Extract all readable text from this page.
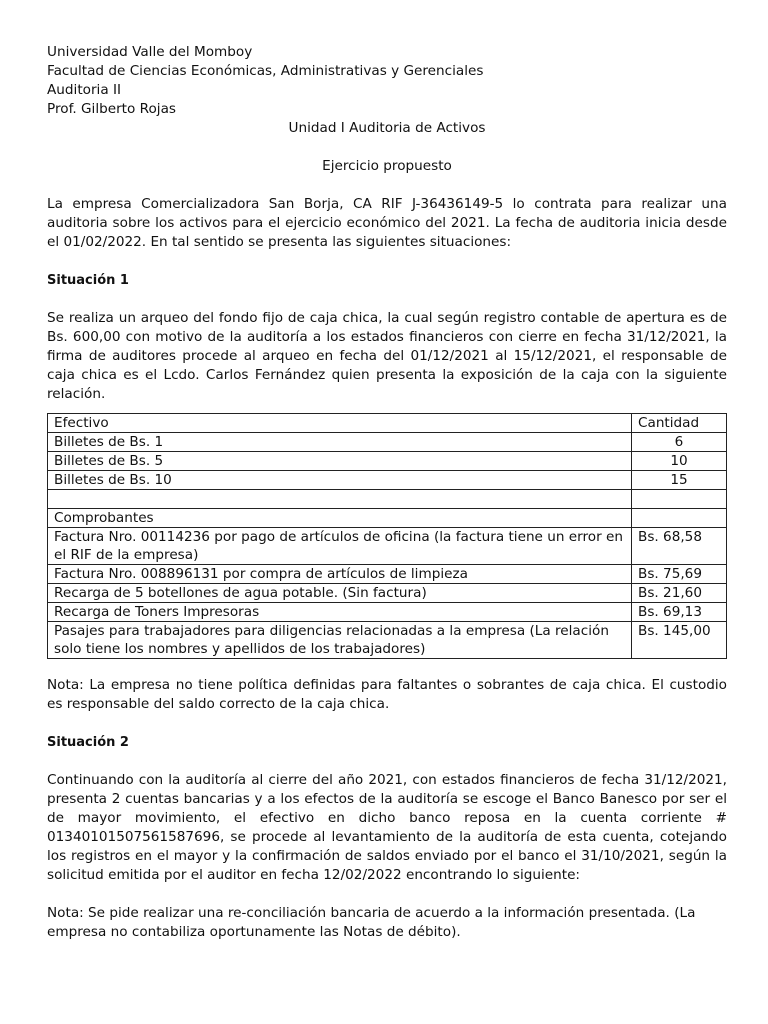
Universidad Valle del Momboy
Facultad de Ciencias Económicas, Administrativas y Gerenciales
Auditoria II
Prof. Gilberto Rojas
Unidad I Auditoria de Activos
Ejercicio propuesto

La empresa Comercializadora San Borja, CA RIF J-36436149-5 lo contrata para realizar una auditoria sobre los activos para el ejercicio económico del 2021. La fecha de auditoria inicia desde el 01/02/2022. En tal sentido se presenta las siguientes situaciones:

Situación 1

Se realiza un arqueo del fondo fijo de caja chica, la cual según registro contable de apertura es de Bs. 600,00 con motivo de la auditoría a los estados financieros con cierre en fecha 31/12/2021, la firma de auditores procede al arqueo en fecha del 01/12/2021 al 15/12/2021, el responsable de caja chica es el Lcdo. Carlos Fernández quien presenta la exposición de la caja con la siguiente relación.

Efectivo	Cantidad
Billetes de Bs. 1	6
Billetes de Bs. 5	10
Billetes de Bs. 10	15

Comprobantes	
Factura Nro. 00114236 por pago de artículos de oficina (la factura tiene un error en el RIF de la empresa)	Bs. 68,58
Factura Nro. 008896131 por compra de artículos de limpieza	Bs. 75,69
Recarga de 5 botellones de agua potable. (Sin factura)	Bs. 21,60
Recarga de Toners Impresoras	Bs. 69,13
Pasajes para trabajadores para diligencias relacionadas a la empresa (La relación solo tiene los nombres y apellidos de los trabajadores)	Bs. 145,00

Nota: La empresa no tiene política definidas para faltantes o sobrantes de caja chica. El custodio es responsable del saldo correcto de la caja chica.

Situación 2

Continuando con la auditoría al cierre del año 2021, con estados financieros de fecha 31/12/2021, presenta 2 cuentas bancarias y a los efectos de la auditoría se escoge el Banco Banesco por ser el de mayor movimiento, el efectivo en dicho banco reposa en la cuenta corriente # 01340101507561587696, se procede al levantamiento de la auditoría de esta cuenta, cotejando los registros en el mayor y la confirmación de saldos enviado por el banco el 31/10/2021, según la solicitud emitida por el auditor en fecha 12/02/2022 encontrando lo siguiente:

Nota: Se pide realizar una re-conciliación bancaria de acuerdo a la información presentada. (La empresa no contabiliza oportunamente las Notas de débito).
